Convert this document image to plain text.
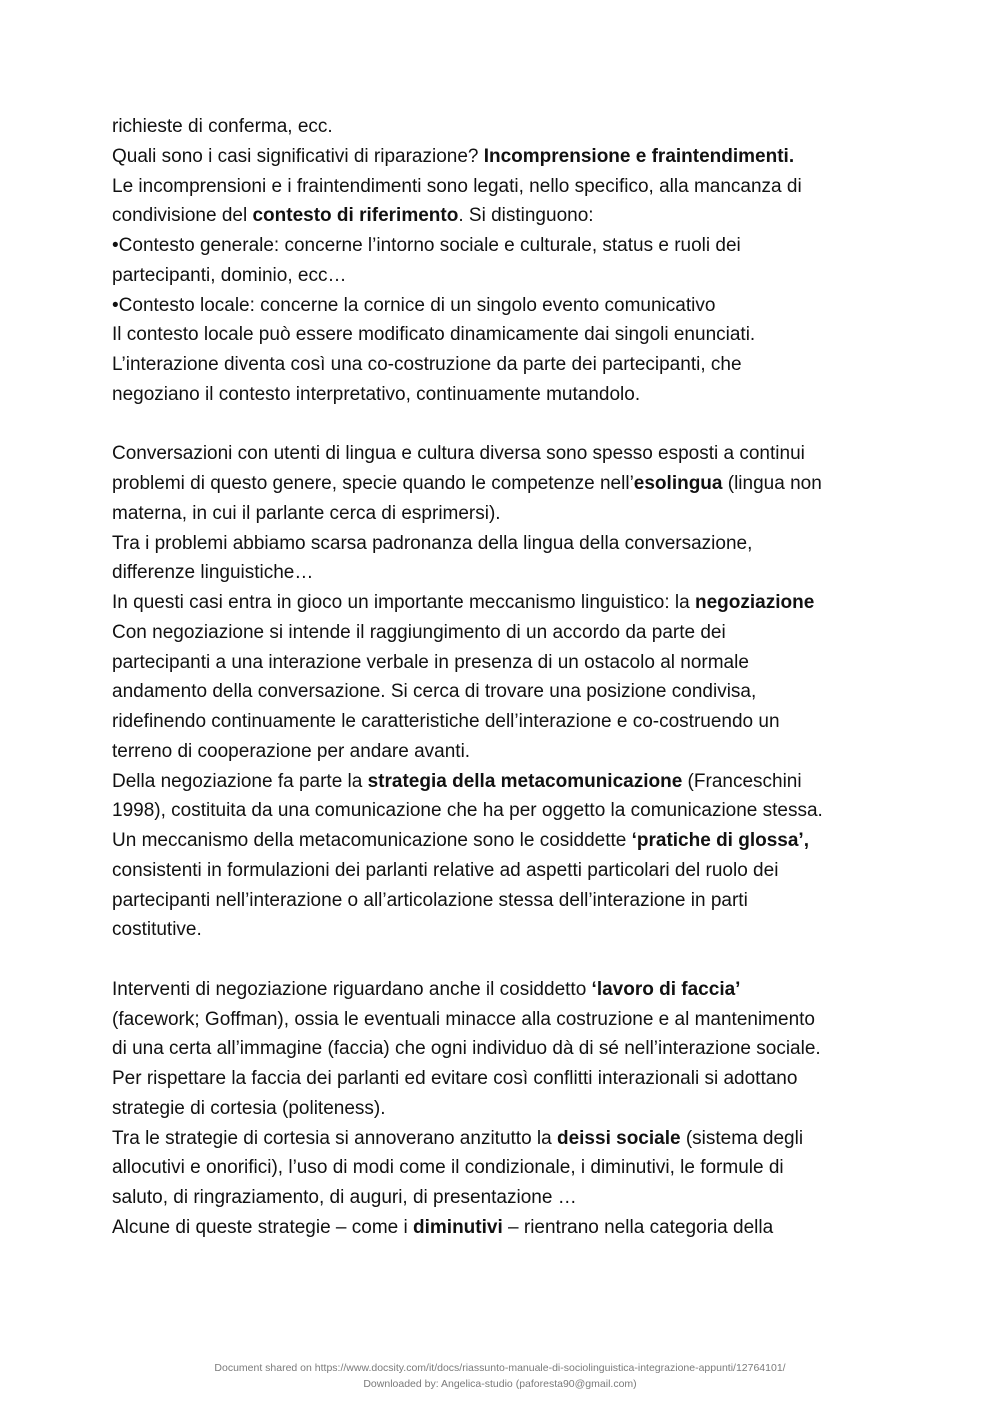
richieste di conferma, ecc.
Quali sono i casi significativi di riparazione? Incomprensione e fraintendimenti.
Le incomprensioni e i fraintendimenti sono legati, nello specifico, alla mancanza di
condivisione del contesto di riferimento. Si distinguono:
•Contesto generale: concerne l’intorno sociale e culturale, status e ruoli dei
partecipanti, dominio, ecc…
•Contesto locale: concerne la cornice di un singolo evento comunicativo
Il contesto locale può essere modificato dinamicamente dai singoli enunciati.
L’interazione diventa così una co-costruzione da parte dei partecipanti, che
negoziano il contesto interpretativo, continuamente mutandolo.
Conversazioni con utenti di lingua e cultura diversa sono spesso esposti a continui
problemi di questo genere, specie quando le competenze nell’esolingua (lingua non
materna, in cui il parlante cerca di esprimersi).
Tra i problemi abbiamo scarsa padronanza della lingua della conversazione,
differenze linguistiche…
In questi casi entra in gioco un importante meccanismo linguistico: la negoziazione
Con negoziazione si intende il raggiungimento di un accordo da parte dei
partecipanti a una interazione verbale in presenza di un ostacolo al normale
andamento della conversazione. Si cerca di trovare una posizione condivisa,
ridefinendo continuamente le caratteristiche dell’interazione e co-costruendo un
terreno di cooperazione per andare avanti.
Della negoziazione fa parte la strategia della metacomunicazione (Franceschini
1998), costituita da una comunicazione che ha per oggetto la comunicazione stessa.
Un meccanismo della metacomunicazione sono le cosiddette ‘pratiche di glossa’,
consistenti in formulazioni dei parlanti relative ad aspetti particolari del ruolo dei
partecipanti nell’interazione o all’articolazione stessa dell’interazione in parti
costitutive.
Interventi di negoziazione riguardano anche il cosiddetto ‘lavoro di faccia’
(facework; Goffman), ossia le eventuali minacce alla costruzione e al mantenimento
di una certa all’immagine (faccia) che ogni individuo dà di sé nell’interazione sociale.
Per rispettare la faccia dei parlanti ed evitare così conflitti interazionali si adottano
strategie di cortesia (politeness).
Tra le strategie di cortesia si annoverano anzitutto la deissi sociale (sistema degli
allocutivi e onorifici), l’uso di modi come il condizionale, i diminutivi, le formule di
saluto, di ringraziamento, di auguri, di presentazione …
Alcune di queste strategie – come i diminutivi – rientrano nella categoria della
Document shared on https://www.docsity.com/it/docs/riassunto-manuale-di-sociolinguistica-integrazione-appunti/12764101/
Downloaded by: Angelica-studio (paforesta90@gmail.com)
